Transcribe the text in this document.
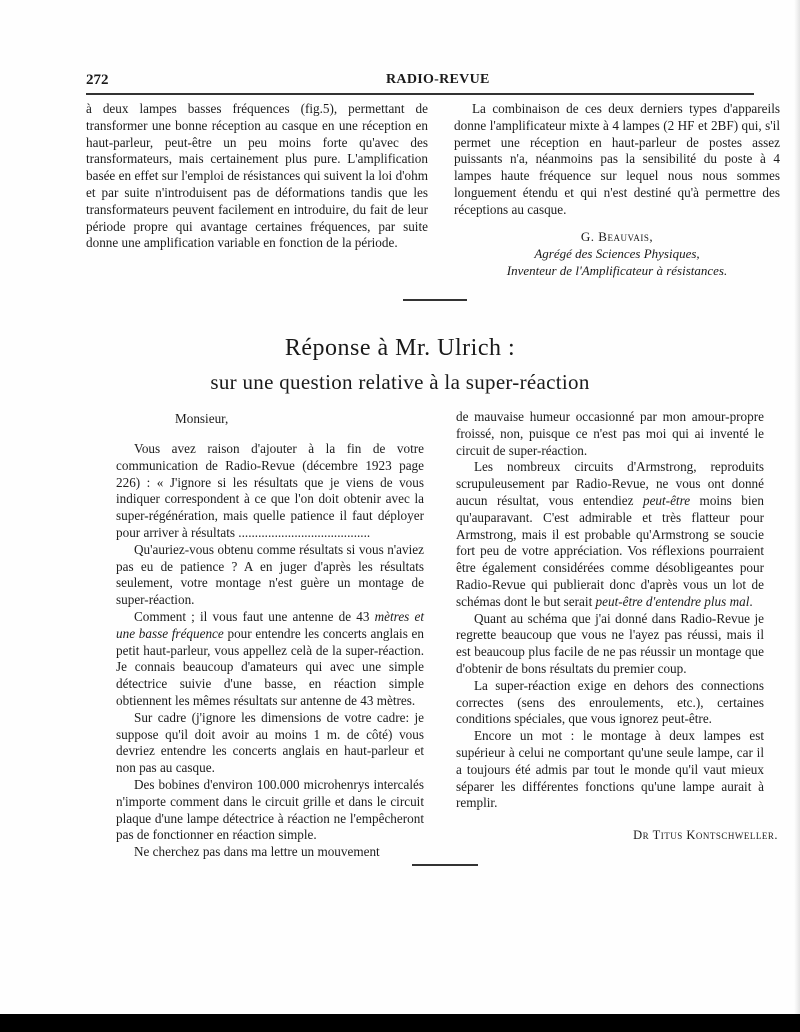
272	RADIO-REVUE

à deux lampes basses fréquences (fig.5), permettant de transformer une bonne réception au casque en une réception en haut-parleur, peut-être un peu moins forte qu'avec des transformateurs, mais certainement plus pure. L'amplification basée en effet sur l'emploi de résistances qui suivent la loi d'ohm et par suite n'introduisent pas de déformations tandis que les transformateurs peuvent facilement en introduire, du fait de leur période propre qui avantage certaines fréquences, par suite donne une amplification variable en fonction de la période.

La combinaison de ces deux derniers types d'appareils donne l'amplificateur mixte à 4 lampes (2 HF et 2BF) qui, s'il permet une réception en haut-parleur de postes assez puissants n'a, néanmoins pas la sensibilité du poste à 4 lampes haute fréquence sur lequel nous nous sommes longuement étendu et qui n'est destiné qu'à permettre des réceptions au casque.

G. Beauvais,
Agrégé des Sciences Physiques,
Inventeur de l'Amplificateur à résistances.
Réponse à Mr. Ulrich :
sur une question relative à la super-réaction
Monsieur,

Vous avez raison d'ajouter à la fin de votre communication de Radio-Revue (décembre 1923 page 226) : « J'ignore si les résultats que je viens de vous indiquer correspondent à ce que l'on doit obtenir avec la super-régénération, mais quelle patience il faut déployer pour arriver à résultats ........................................

Qu'auriez-vous obtenu comme résultats si vous n'aviez pas eu de patience ? A en juger d'après les résultats seulement, votre montage n'est guère un montage de super-réaction.

Comment ; il vous faut une antenne de 43 mètres et une basse fréquence pour entendre les concerts anglais en petit haut-parleur, vous appellez celà de la super-réaction. Je connais beaucoup d'amateurs qui avec une simple détectrice suivie d'une basse, en réaction simple obtiennent les mêmes résultats sur antenne de 43 mètres.

Sur cadre (j'ignore les dimensions de votre cadre: je suppose qu'il doit avoir au moins 1 m. de côté) vous devriez entendre les concerts anglais en haut-parleur et non pas au casque.

Des bobines d'environ 100.000 microhenrys intercalés n'importe comment dans le circuit grille et dans le circuit plaque d'une lampe détectrice à réaction ne l'empêcheront pas de fonctionner en réaction simple.

Ne cherchez pas dans ma lettre un mouvement

de mauvaise humeur occasionné par mon amour-propre froissé, non, puisque ce n'est pas moi qui ai inventé le circuit de super-réaction.

Les nombreux circuits d'Armstrong, reproduits scrupuleusement par Radio-Revue, ne vous ont donné aucun résultat, vous entendiez peut-être moins bien qu'auparavant. C'est admirable et très flatteur pour Armstrong, mais il est probable qu'Armstrong se soucie fort peu de votre appréciation. Vos réflexions pourraient être également considérées comme désobligeantes pour Radio-Revue qui publierait donc d'après vous un lot de schémas dont le but serait peut-être d'entendre plus mal.

Quant au schéma que j'ai donné dans Radio-Revue je regrette beaucoup que vous ne l'ayez pas réussi, mais il est beaucoup plus facile de ne pas réussir un montage que d'obtenir de bons résultats du premier coup.

La super-réaction exige en dehors des connections correctes (sens des enroulements, etc.), certaines conditions spéciales, que vous ignorez peut-être.

Encore un mot : le montage à deux lampes est supérieur à celui ne comportant qu'une seule lampe, car il a toujours été admis par tout le monde qu'il vaut mieux séparer les différentes fonctions qu'une lampe aurait à remplir.

Dr Titus Kontschweller.
